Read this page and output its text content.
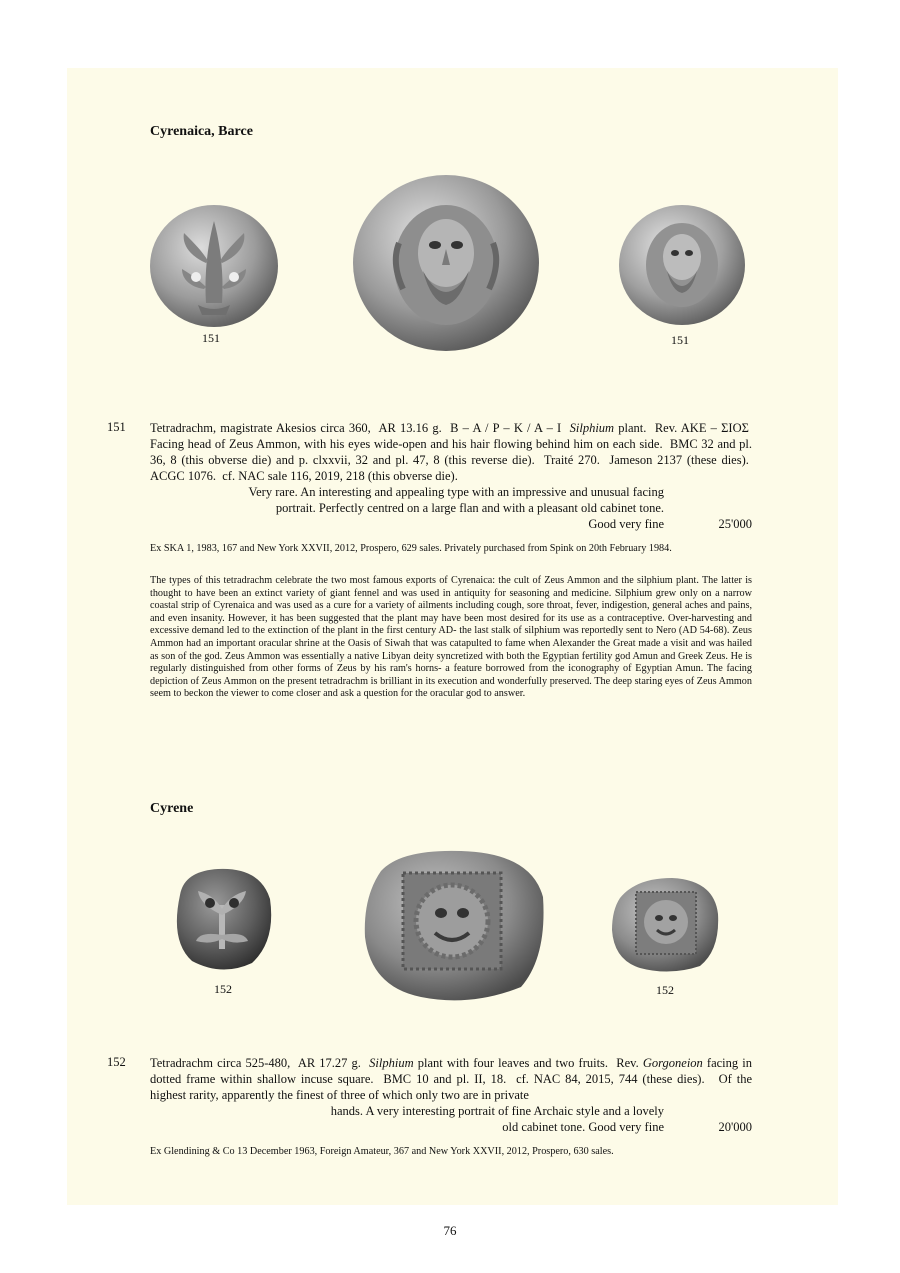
Cyrenaica, Barce
151	151
151 Tetradrachm, magistrate Akesios circa 360,  AR 13.16 g.  B – A / P – K / A – I  Silphium plant.  Rev. AKE – ΣΙΟΣ  Facing head of Zeus Ammon, with his eyes wide-open and his hair flowing behind him on each side.  BMC 32 and pl. 36, 8 (this obverse die) and p. clxxvii, 32 and pl. 47, 8 (this reverse die).  Traité 270.  Jameson 2137 (these dies).  ACGC 1076.  cf. NAC sale 116, 2019, 218 (this obverse die).

Very rare. An interesting and appealing type with an impressive and unusual facing

portrait. Perfectly centred on a large flan and with a pleasant old cabinet tone.

Good very fine	25'000

Ex SKA 1, 1983, 167 and New York XXVII, 2012, Prospero, 629 sales. Privately purchased from Spink on 20th February 1984.
The types of this tetradrachm celebrate the two most famous exports of Cyrenaica: the cult of Zeus Ammon and the silphium plant. The latter is thought to have been an extinct variety of giant fennel and was used in antiquity for seasoning and medicine. Silphium grew only on a narrow coastal strip of Cyrenaica and was used as a cure for a variety of ailments including cough, sore throat, fever, indigestion, general aches and pains, and even insanity. However, it has been suggested that the plant may have been most desired for its use as a contraceptive. Over-harvesting and excessive demand led to the extinction of the plant in the first century AD- the last stalk of silphium was reportedly sent to Nero (AD 54-68). Zeus Ammon had an important oracular shrine at the Oasis of Siwah that was catapulted to fame when Alexander the Great made a visit and was hailed as son of the god. Zeus Ammon was essentially a native Libyan deity syncretized with both the Egyptian fertility god Amun and Greek Zeus. He is regularly distinguished from other forms of Zeus by his ram's horns- a feature borrowed from the iconography of Egyptian Amun. The facing depiction of Zeus Ammon on the present tetradrachm is brilliant in its execution and wonderfully preserved. The deep staring eyes of Zeus Ammon seem to beckon the viewer to come closer and ask a question for the oracular god to answer.
Cyrene
152	152
152 Tetradrachm circa 525-480,  AR 17.27 g.  Silphium plant with four leaves and two fruits.  Rev. Gorgoneion facing in dotted frame within shallow incuse square.  BMC 10 and pl. II, 18.  cf. NAC 84, 2015, 744 (these dies). Of the highest rarity, apparently the finest of three of which only two are in private

hands. A very interesting portrait of fine Archaic style and a lovely

old cabinet tone. Good very fine	20'000

Ex Glendining & Co 13 December 1963, Foreign Amateur, 367 and New York XXVII, 2012, Prospero, 630 sales.
76
